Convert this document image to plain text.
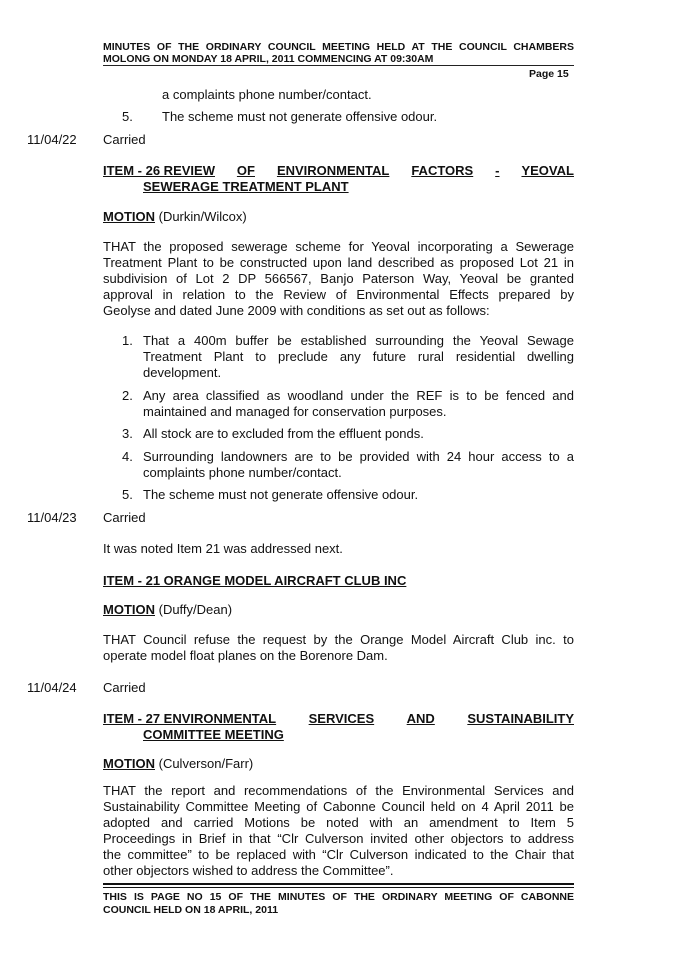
MINUTES OF THE ORDINARY COUNCIL MEETING HELD AT THE COUNCIL CHAMBERS
MOLONG ON MONDAY 18 APRIL, 2011 COMMENCING AT 09:30AM
Page 15
a complaints phone number/contact.
5. The scheme must not generate offensive odour.
11/04/22 Carried
ITEM - 26 REVIEW OF ENVIRONMENTAL FACTORS - YEOVAL
SEWERAGE TREATMENT PLANT
MOTION (Durkin/Wilcox)
THAT the proposed sewerage scheme for Yeoval incorporating a Sewerage
Treatment Plant to be constructed upon land described as proposed Lot 21 in
subdivision of Lot 2 DP 566567, Banjo Paterson Way, Yeoval be granted
approval in relation to the Review of Environmental Effects prepared by
Geolyse and dated June 2009 with conditions as set out as follows:
1. That a 400m buffer be established surrounding the Yeoval Sewage
Treatment Plant to preclude any future rural residential dwelling
development.
2. Any area classified as woodland under the REF is to be fenced and
maintained and managed for conservation purposes.
3. All stock are to excluded from the effluent ponds.
4. Surrounding landowners are to be provided with 24 hour access to a
complaints phone number/contact.
5. The scheme must not generate offensive odour.
11/04/23 Carried
It was noted Item 21 was addressed next.
ITEM - 21 ORANGE MODEL AIRCRAFT CLUB INC
MOTION (Duffy/Dean)
THAT Council refuse the request by the Orange Model Aircraft Club inc. to
operate model float planes on the Borenore Dam.
11/04/24 Carried
ITEM - 27 ENVIRONMENTAL	SERVICES	AND	SUSTAINABILITY
COMMITTEE MEETING
MOTION (Culverson/Farr)
THAT the report and recommendations of the Environmental Services and
Sustainability Committee Meeting of Cabonne Council held on 4 April 2011 be
adopted and carried Motions be noted with an amendment to Item 5
Proceedings in Brief in that “Clr Culverson invited other objectors to address
the committee” to be replaced with “Clr Culverson indicated to the Chair that
other objectors wished to address the Committee”.
THIS IS PAGE NO 15 OF THE MINUTES OF THE ORDINARY MEETING OF CABONNE
COUNCIL HELD ON 18 APRIL, 2011
